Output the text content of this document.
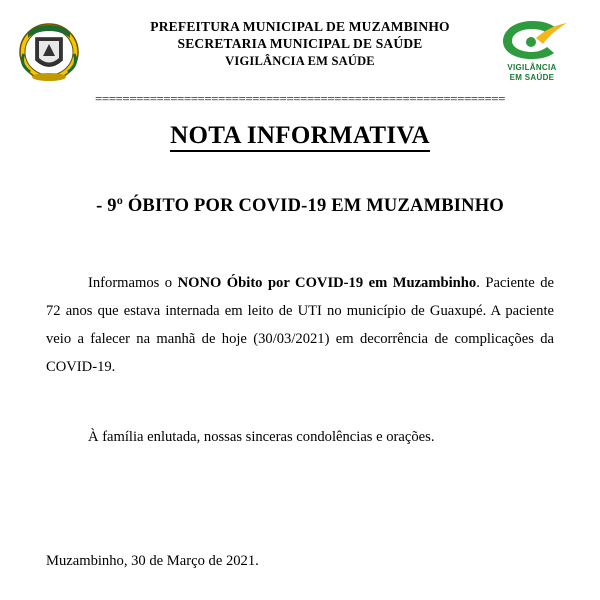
PREFEITURA MUNICIPAL DE MUZAMBINHO
SECRETARIA MUNICIPAL DE SAÚDE
VIGILÂNCIA EM SAÚDE	VIGILÂNCIA
EM SAÚDE
============================================================
NOTA INFORMATIVA
- 9º ÓBITO POR COVID-19 EM MUZAMBINHO
Informamos o NONO Óbito por COVID-19 em Muzambinho. Paciente de 72 anos que estava internada em leito de UTI no município de Guaxupé. A paciente veio a falecer na manhã de hoje (30/03/2021) em decorrência de complicações da COVID-19.
À família enlutada, nossas sinceras condolências e orações.
Muzambinho, 30 de Março de 2021.
